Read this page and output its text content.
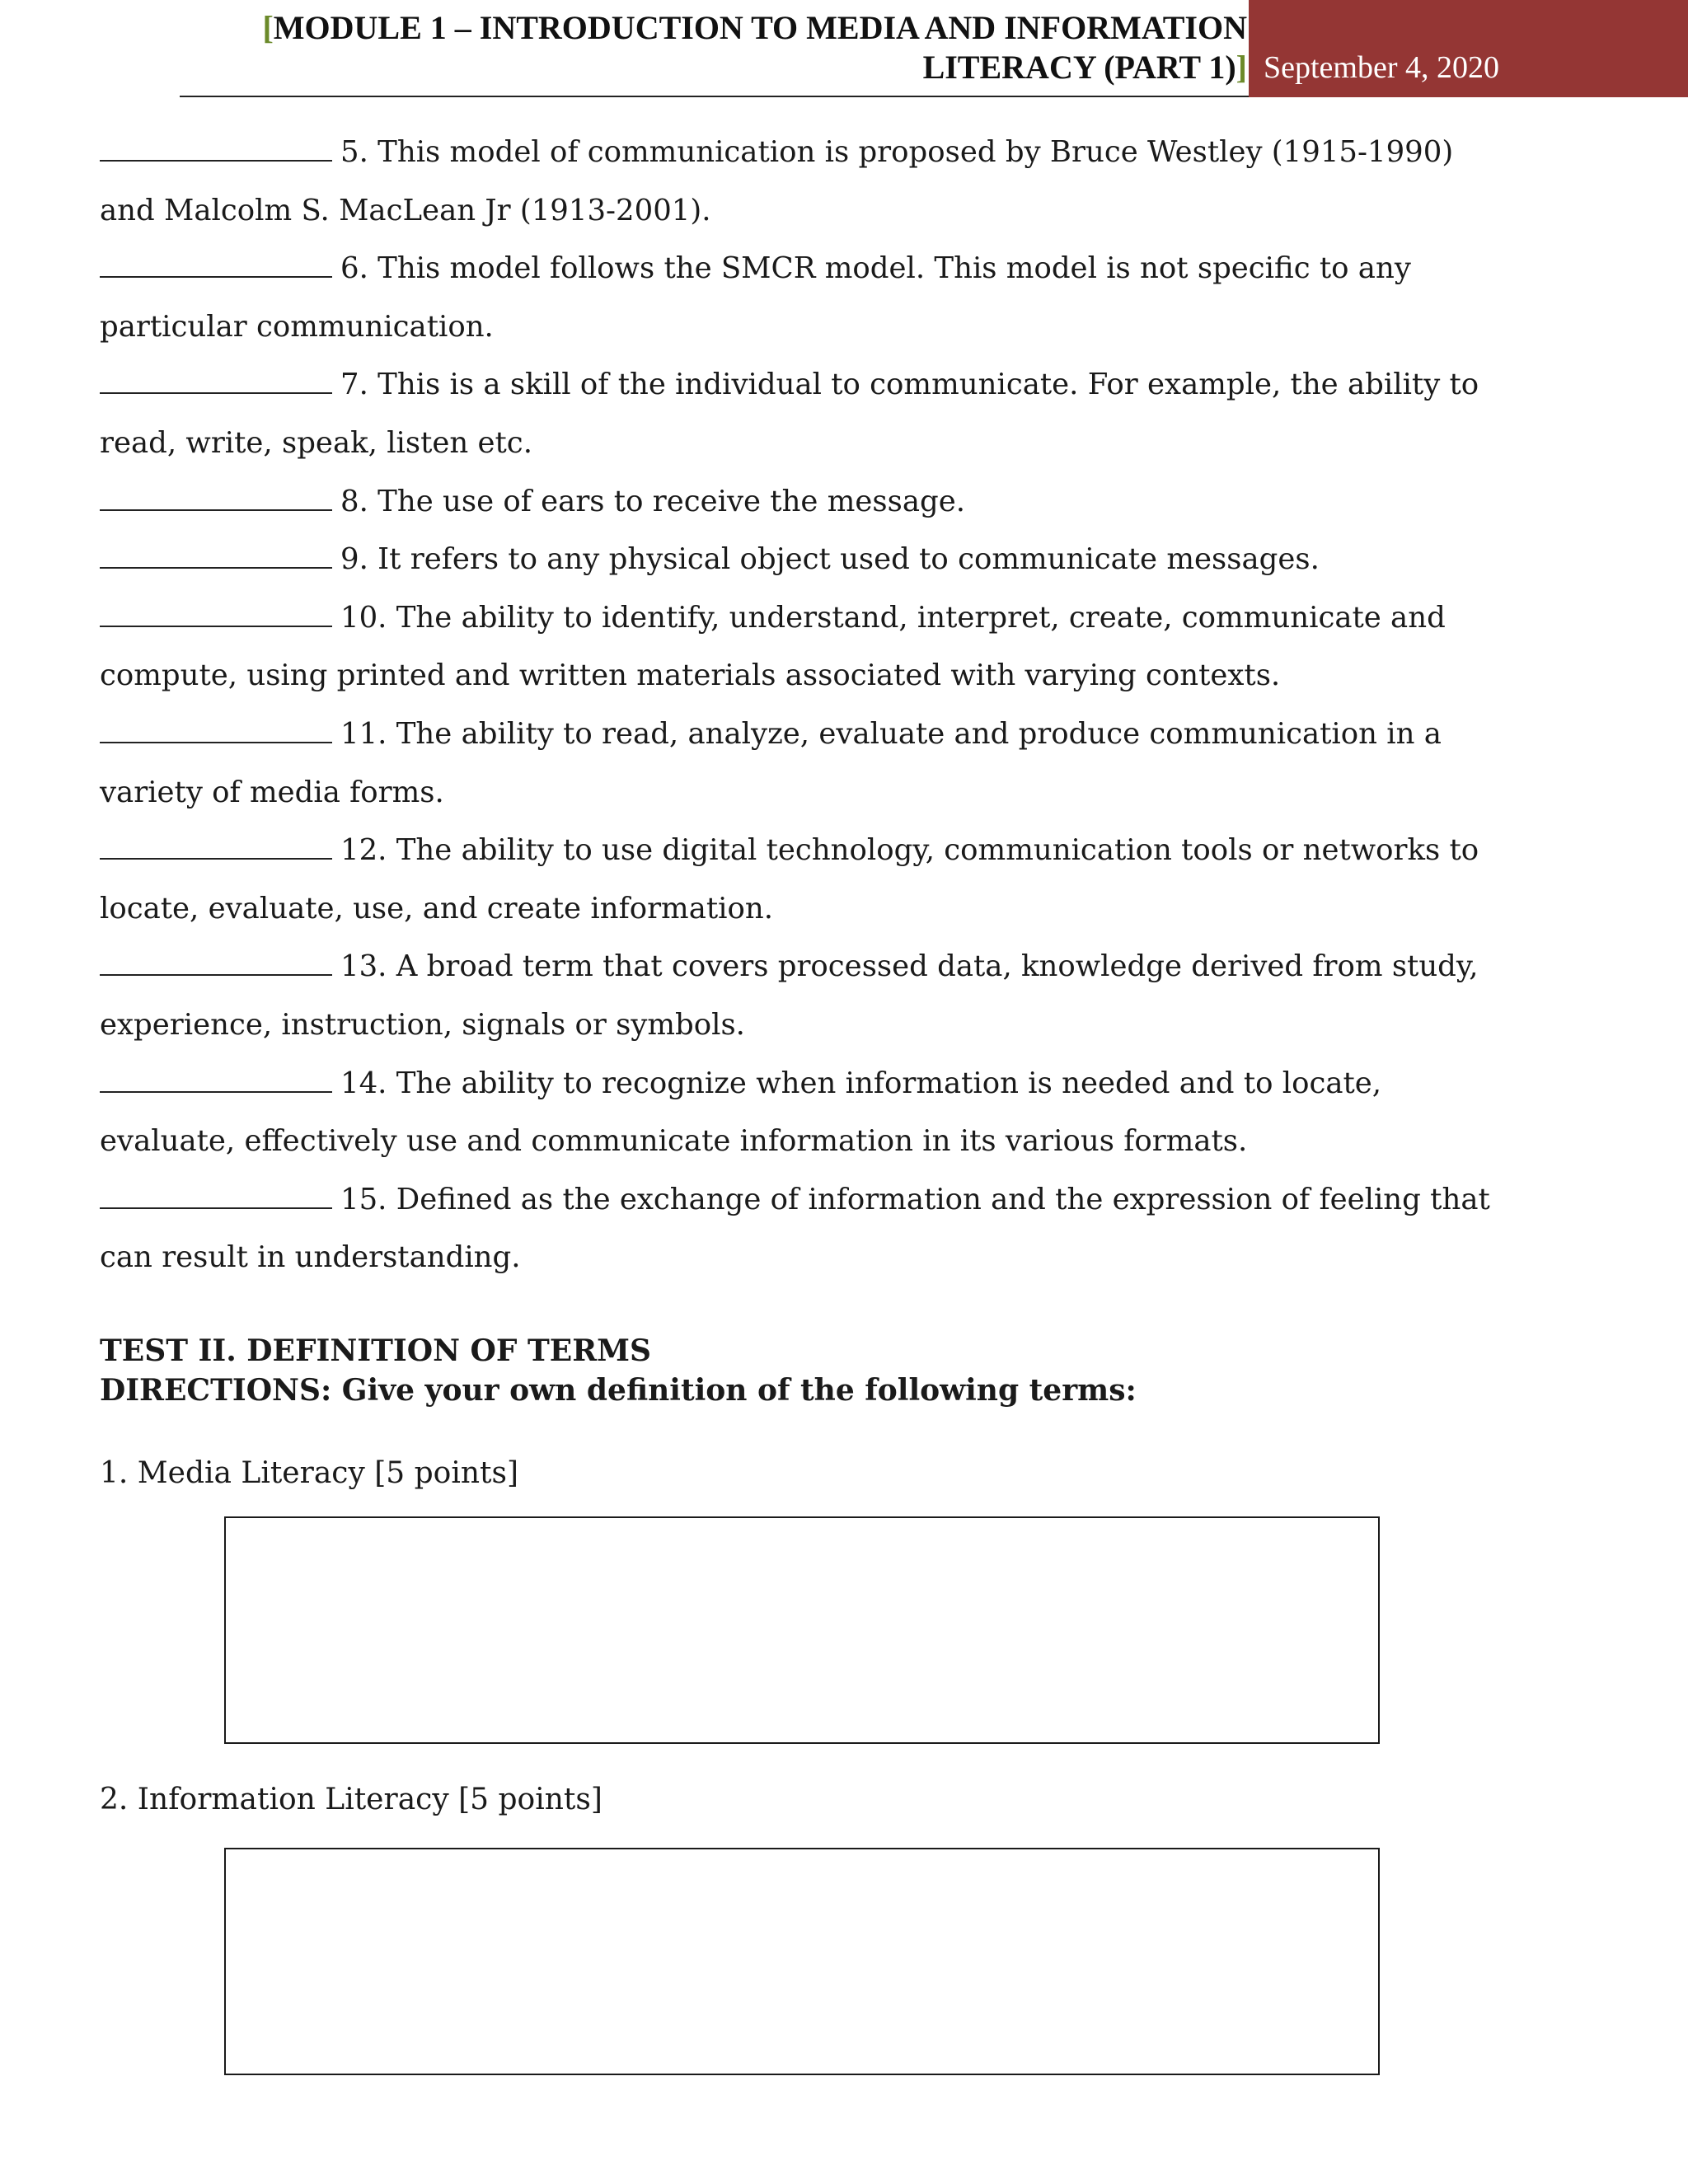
[MODULE 1 – INTRODUCTION TO MEDIA AND INFORMATION
LITERACY (PART 1)] September 4, 2020

5. This model of communication is proposed by Bruce Westley (1915-1990) and Malcolm S. MacLean Jr (1913-2001).

6. This model follows the SMCR model. This model is not specific to any particular communication.

7. This is a skill of the individual to communicate. For example, the ability to read, write, speak, listen etc.

8. The use of ears to receive the message.

9. It refers to any physical object used to communicate messages.

10. The ability to identify, understand, interpret, create, communicate and compute, using printed and written materials associated with varying contexts.

11. The ability to read, analyze, evaluate and produce communication in a variety of media forms.

12. The ability to use digital technology, communication tools or networks to locate, evaluate, use, and create information.

13. A broad term that covers processed data, knowledge derived from study, experience, instruction, signals or symbols.

14. The ability to recognize when information is needed and to locate, evaluate, effectively use and communicate information in its various formats.

15. Defined as the exchange of information and the expression of feeling that can result in understanding.

TEST II. DEFINITION OF TERMS
DIRECTIONS: Give your own definition of the following terms:
1. Media Literacy [5 points]
2. Information Literacy [5 points]
